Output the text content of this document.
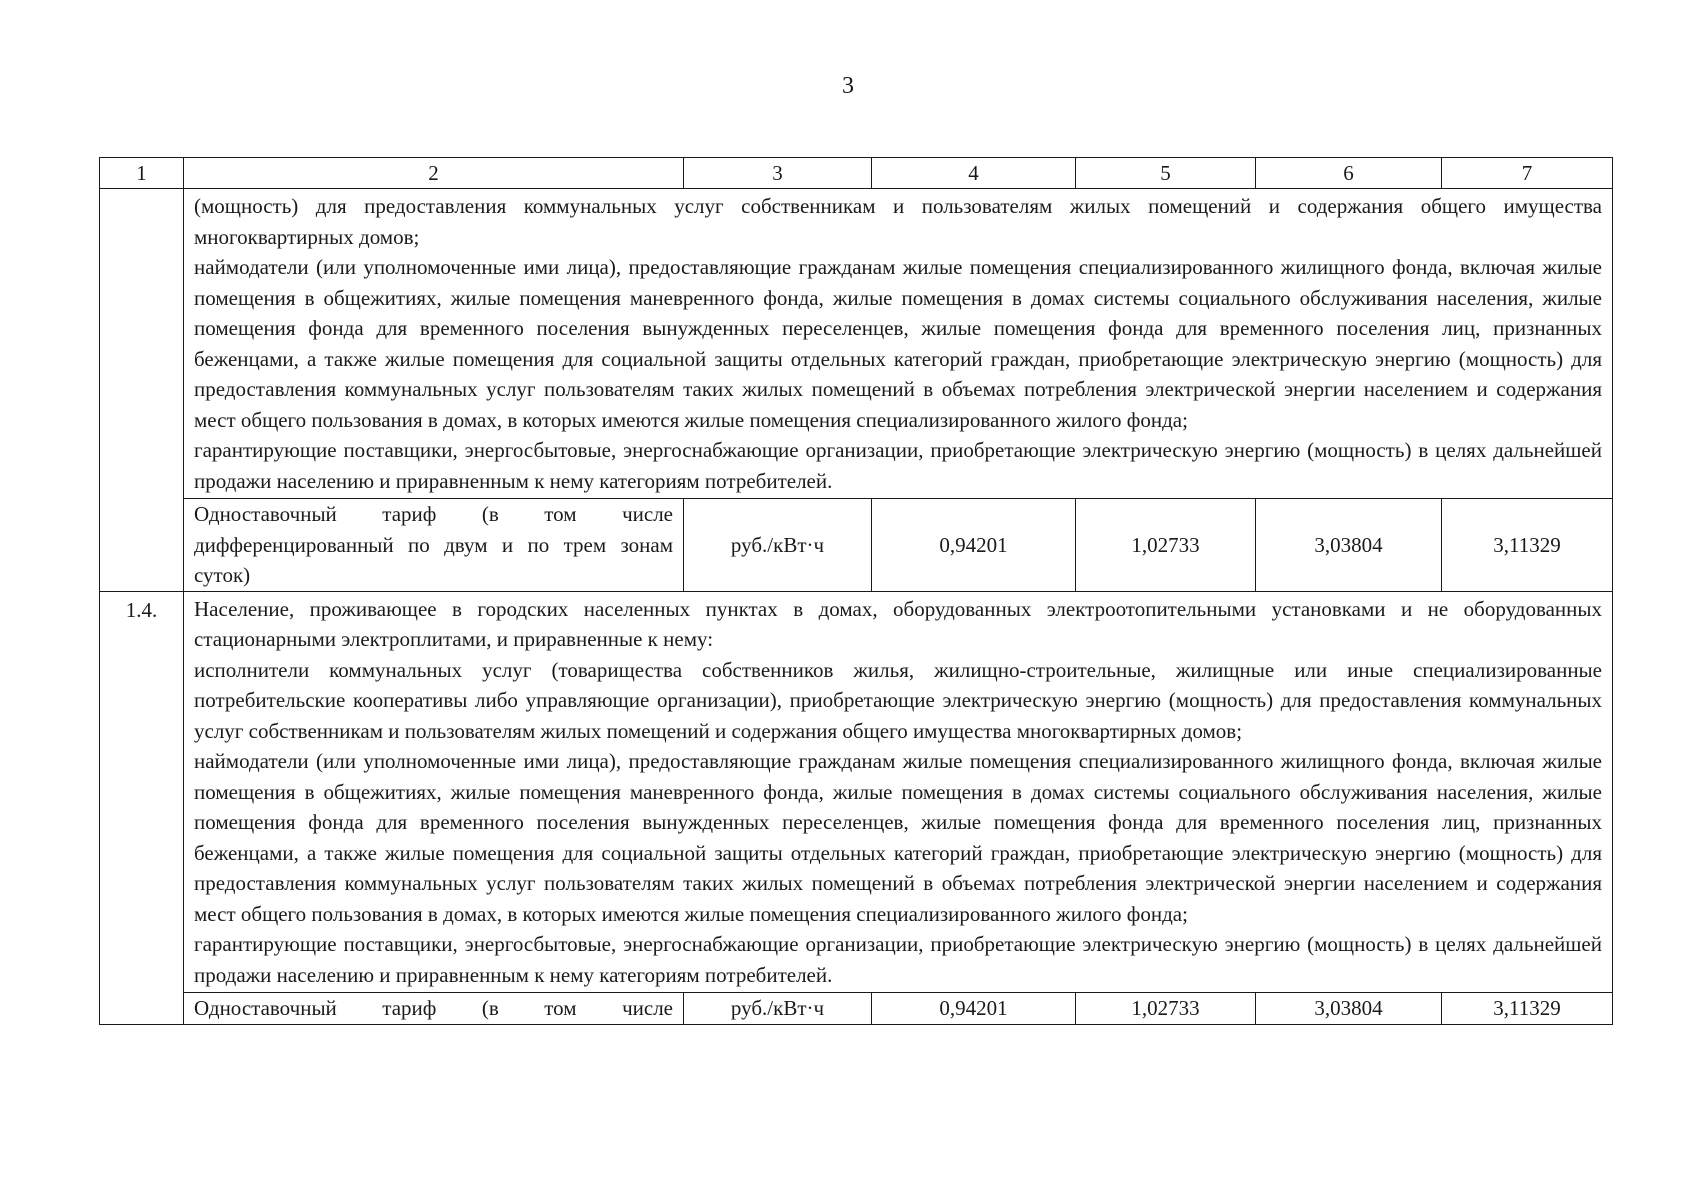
3
1	2	3	4	5	6	7

	(мощность) для предоставления коммунальных услуг собственникам и пользователям жилых помещений и содержания общего имущества многоквартирных домов;

наймодатели (или уполномоченные ими лица), предоставляющие гражданам жилые помещения специализированного жилищного фонда, включая жилые помещения в общежитиях, жилые помещения маневренного фонда, жилые помещения в домах системы социального обслуживания населения, жилые помещения фонда для временного поселения вынужденных переселенцев, жилые помещения фонда для временного поселения лиц, признанных беженцами, а также жилые помещения для социальной защиты отдельных категорий граждан, приобретающие электрическую энергию (мощность) для предоставления коммунальных услуг пользователям таких жилых помещений в объемах потребления электрической энергии населением и содержания мест общего пользования в домах, в которых имеются жилые помещения специализированного жилого фонда;

гарантирующие поставщики, энергосбытовые, энергоснабжающие организации, приобретающие электрическую энергию (мощность) в целях дальнейшей продажи населению и приравненным к нему категориям потребителей.					

	Одноставочный тариф (в том числе дифференцированный по двум и по трем зонам суток)	руб./кВт·ч	0,94201	1,02733	3,03804	3,11329
1.4.	Население, проживающее в городских населенных пунктах в домах, оборудованных электроотопительными установками и не оборудованных стационарными электроплитами, и приравненные к нему:

исполнители коммунальных услуг (товарищества собственников жилья, жилищно-строительные, жилищные или иные специализированные потребительские кооперативы либо управляющие организации), приобретающие электрическую энергию (мощность) для предоставления коммунальных услуг собственникам и пользователям жилых помещений и содержания общего имущества многоквартирных домов;

наймодатели (или уполномоченные ими лица), предоставляющие гражданам жилые помещения специализированного жилищного фонда, включая жилые помещения в общежитиях, жилые помещения маневренного фонда, жилые помещения в домах системы социального обслуживания населения, жилые помещения фонда для временного поселения вынужденных переселенцев, жилые помещения фонда для временного поселения лиц, признанных беженцами, а также жилые помещения для социальной защиты отдельных категорий граждан, приобретающие электрическую энергию (мощность) для предоставления коммунальных услуг пользователям таких жилых помещений в объемах потребления электрической энергии населением и содержания мест общего пользования в домах, в которых имеются жилые помещения специализированного жилого фонда;

гарантирующие поставщики, энергосбытовые, энергоснабжающие организации, приобретающие электрическую энергию (мощность) в целях дальнейшей продажи населению и приравненным к нему категориям потребителей.					

	Одноставочный тариф (в том числе	руб./кВт·ч	0,94201	1,02733	3,03804	3,11329
